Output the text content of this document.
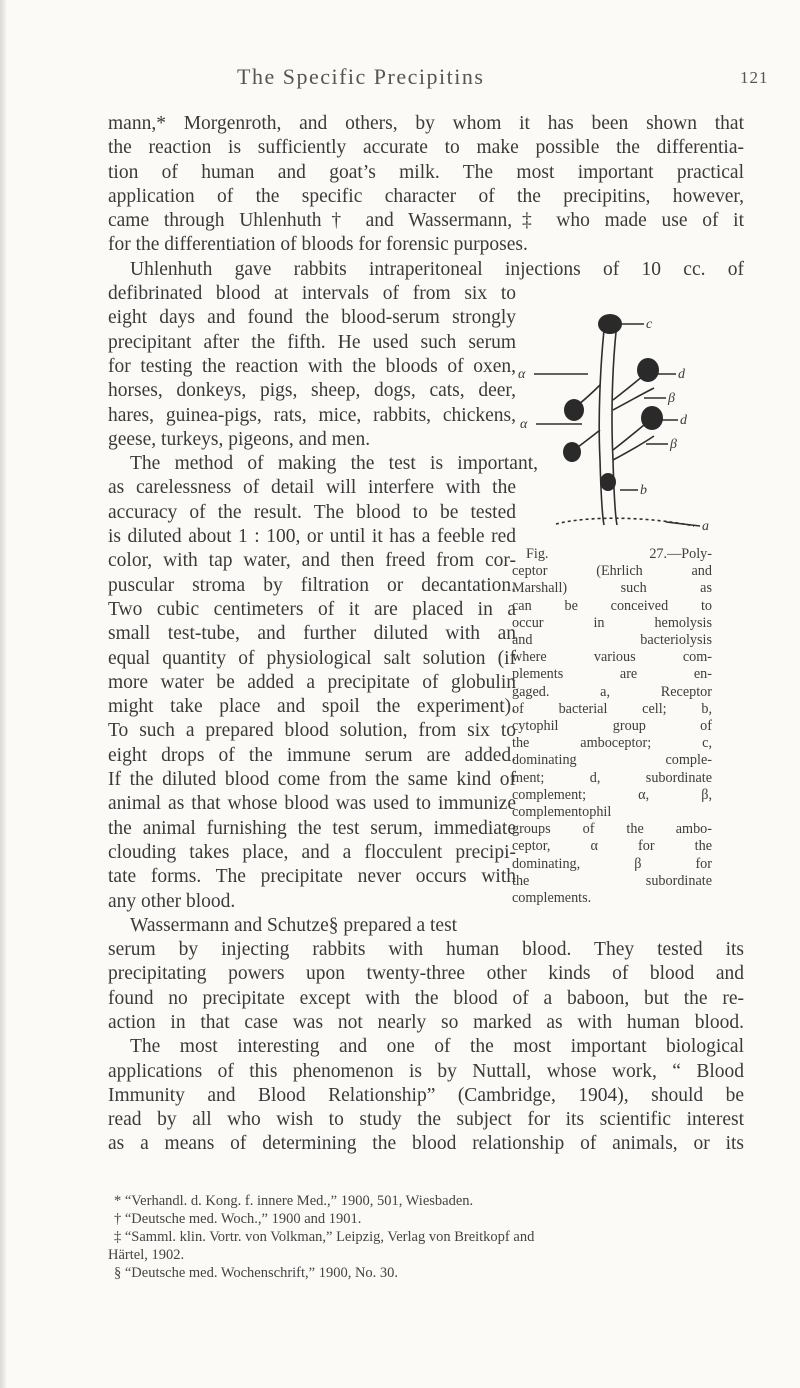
The Specific Precipitins	121
mann,* Morgenroth, and others, by whom it has been shown that
the reaction is sufficiently accurate to make possible the differentia-
tion of human and goat’s milk. The most important practical
application of the specific character of the precipitins, however,
came through Uhlenhuth† and Wassermann,‡ who made use of it
for the differentiation of bloods for forensic purposes.
Uhlenhuth gave rabbits intraperitoneal injections of 10 cc. of
defibrinated blood at intervals of from six to
eight days and found the blood-serum strongly
precipitant after the fifth. He used such serum
for testing the reaction with the bloods of oxen,
horses, donkeys, pigs, sheep, dogs, cats, deer,
hares, guinea-pigs, rats, mice, rabbits, chickens,
geese, turkeys, pigeons, and men.
The method of making the test is important,
as carelessness of detail will interfere with the
accuracy of the result. The blood to be tested
is diluted about 1 : 100, or until it has a feeble red
color, with tap water, and then freed from cor-
puscular stroma by filtration or decantation.
Two cubic centimeters of it are placed in a
small test-tube, and further diluted with an
equal quantity of physiological salt solution (if
more water be added a precipitate of globulin
might take place and spoil the experiment).
To such a prepared blood solution, from six to
eight drops of the immune serum are added.
If the diluted blood come from the same kind of
animal as that whose blood was used to immunize
the animal furnishing the test serum, immediate
clouding takes place, and a flocculent precipi-
tate forms. The precipitate never occurs with
any other blood.
Wassermann and Schutze§ prepared a test
serum by injecting rabbits with human blood. They tested its
precipitating powers upon twenty-three other kinds of blood and
found no precipitate except with the blood of a baboon, but the re-
action in that case was not nearly so marked as with human blood.
The most interesting and one of the most important biological
applications of this phenomenon is by Nuttall, whose work, “ Blood
Immunity and Blood Relationship” (Cambridge, 1904), should be
read by all who wish to study the subject for its scientific interest
as a means of determining the blood relationship of animals, or its
c
α
α
d
β
d
β
b
a
Fig. 27.—Poly-
ceptor (Ehrlich and
Marshall) such as
can be conceived to
occur in hemolysis
and bacteriolysis
where various com-
plements are en-
gaged. a, Receptor
of bacterial cell; b,
cytophil group of
the amboceptor; c,
dominating comple-
ment; d, subordinate
complement; α, β,
complementophil
groups of the ambo-
ceptor, α for the
dominating, β for
the subordinate
complements.
* “Verhandl. d. Kong. f. innere Med.,” 1900, 501, Wiesbaden.
† “Deutsche med. Woch.,” 1900 and 1901.
‡ “Samml. klin. Vortr. von Volkman,” Leipzig, Verlag von Breitkopf and
Härtel, 1902.
§ “Deutsche med. Wochenschrift,” 1900, No. 30.
